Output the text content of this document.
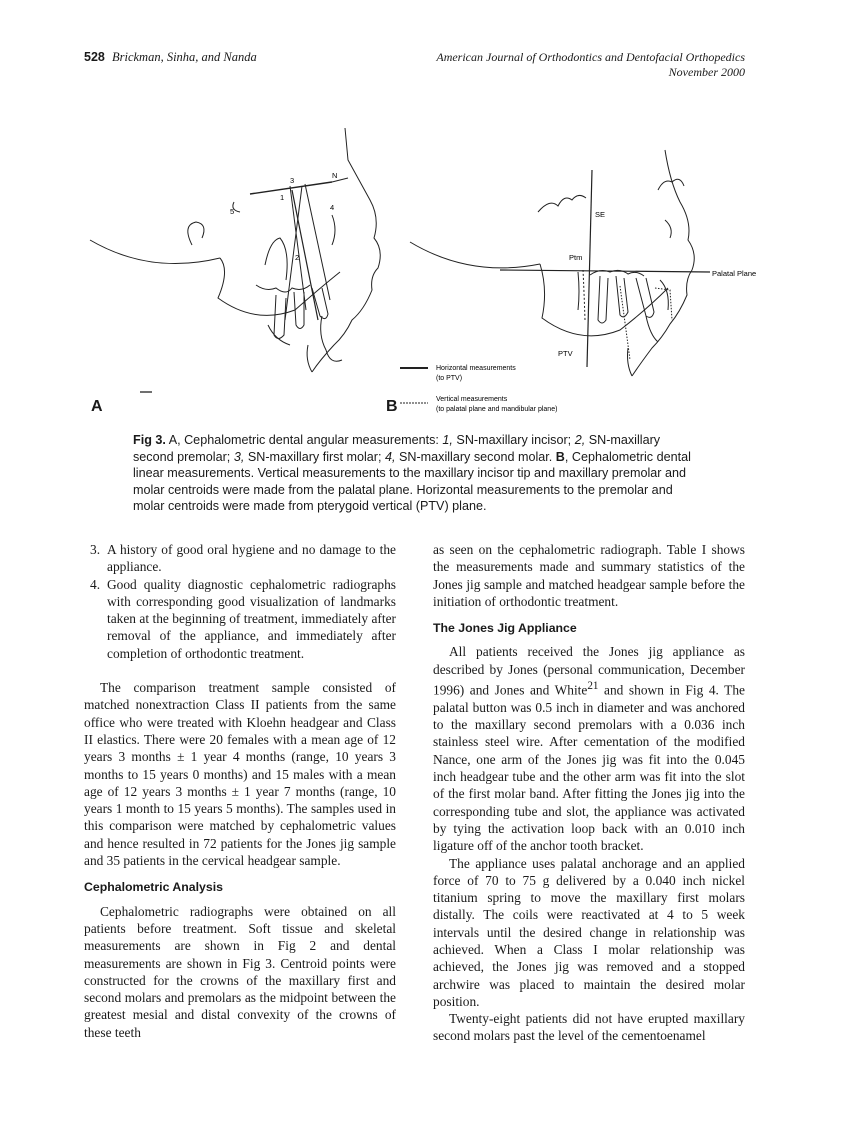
528 Brickman, Sinha, and Nanda	American Journal of Orthodontics and Dentofacial Orthopedics
November 2000
3
N
1
4
5
2
SE
Ptm
PTV
Palatal Plane
Horizontal measurements
(to PTV)
Vertical measurements
(to palatal plane and mandibular plane)
A	B
Fig 3. A, Cephalometric dental angular measurements: 1, SN-maxillary incisor; 2, SN-maxillary second premolar; 3, SN-maxillary first molar; 4, SN-maxillary second molar. B, Cephalometric dental linear measurements. Vertical measurements to the maxillary incisor tip and maxillary premolar and molar centroids were made from the palatal plane. Horizontal measurements to the premolar and molar centroids were made from pterygoid vertical (PTV) plane.
3. A history of good oral hygiene and no damage to the appliance.
4. Good quality diagnostic cephalometric radiographs with corresponding good visualization of landmarks taken at the beginning of treatment, immediately after removal of the appliance, and immediately after completion of orthodontic treatment.

The comparison treatment sample consisted of matched nonextraction Class II patients from the same office who were treated with Kloehn headgear and Class II elastics. There were 20 females with a mean age of 12 years 3 months ± 1 year 4 months (range, 10 years 3 months to 15 years 0 months) and 15 males with a mean age of 12 years 3 months ± 1 year 7 months (range, 10 years 1 month to 15 years 5 months). The samples used in this comparison were matched by cephalometric values and hence resulted in 72 patients for the Jones jig sample and 35 patients in the cervical headgear sample.

Cephalometric Analysis

Cephalometric radiographs were obtained on all patients before treatment. Soft tissue and skeletal measurements are shown in Fig 2 and dental measurements are shown in Fig 3. Centroid points were constructed for the crowns of the maxillary first and second molars and premolars as the midpoint between the greatest mesial and distal convexity of the crowns of these teeth

as seen on the cephalometric radiograph. Table I shows the measurements made and summary statistics of the Jones jig sample and matched headgear sample before the initiation of orthodontic treatment.

The Jones Jig Appliance

All patients received the Jones jig appliance as described by Jones (personal communication, December 1996) and Jones and White$^{21}$ and shown in Fig 4. The palatal button was 0.5 inch in diameter and was anchored to the maxillary second premolars with a 0.036 inch stainless steel wire. After cementation of the modified Nance, one arm of the Jones jig was fit into the 0.045 inch headgear tube and the other arm was fit into the slot of the first molar band. After fitting the Jones jig into the corresponding tube and slot, the appliance was activated by tying the activation loop back with an 0.010 inch ligature off of the anchor tooth bracket.

The appliance uses palatal anchorage and an applied force of 70 to 75 g delivered by a 0.040 inch nickel titanium spring to move the maxillary first molars distally. The coils were reactivated at 4 to 5 week intervals until the desired change in relationship was achieved. When a Class I molar relationship was achieved, the Jones jig was removed and a stopped archwire was placed to maintain the desired molar position.

Twenty-eight patients did not have erupted maxillary second molars past the level of the cementoenamel
